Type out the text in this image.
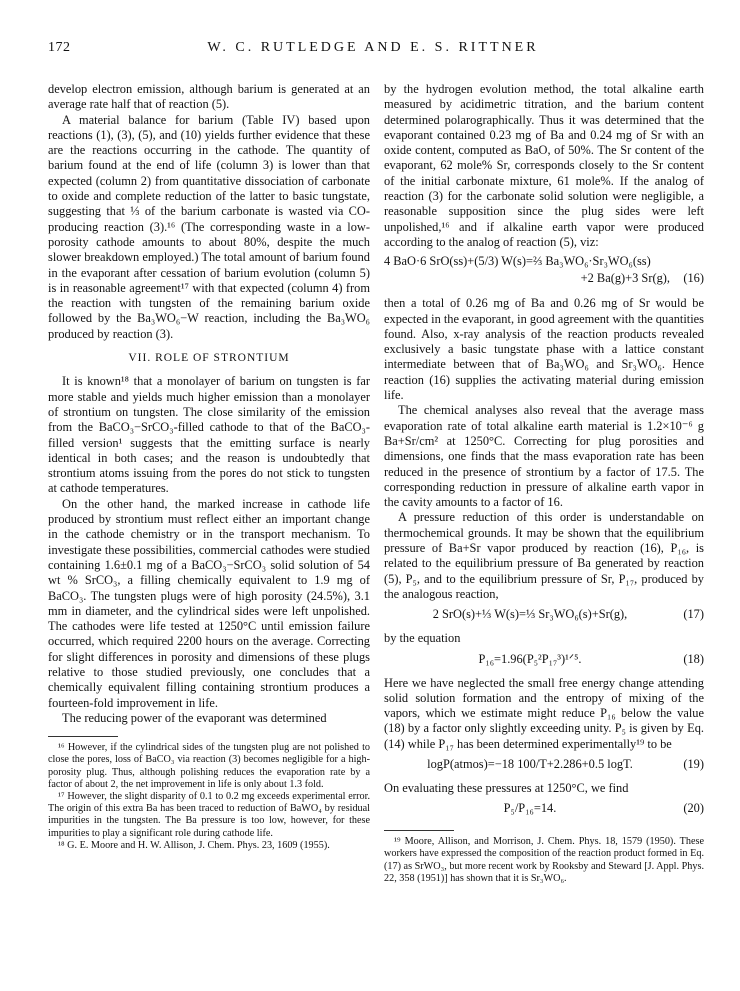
172	W. C. RUTLEDGE AND E. S. RITTNER

develop electron emission, although barium is generated at an average rate half that of reaction (5).

A material balance for barium (Table IV) based upon reactions (1), (3), (5), and (10) yields further evidence that these are the reactions occurring in the cathode. The quantity of barium found at the end of life (column 3) is lower than that expected (column 2) from quantitative dissociation of carbonate to oxide and complete reduction of the latter to basic tungstate, suggesting that ⅓ of the barium carbonate is wasted via CO-producing reaction (3).¹⁶ (The corresponding waste in a low-porosity cathode amounts to about 80%, despite the much slower breakdown employed.) The total amount of barium found in the evaporant after cessation of barium evolution (column 5) is in reasonable agreement¹⁷ with that expected (column 4) from the reaction with tungsten of the remaining barium oxide followed by the Ba₃WO₆−W reaction, including the Ba₃WO₆ produced by reaction (3).

VII. ROLE OF STRONTIUM

It is known¹⁸ that a monolayer of barium on tungsten is far more stable and yields much higher emission than a monolayer of strontium on tungsten. The close similarity of the emission from the BaCO₃−SrCO₃-filled cathode to that of the BaCO₃-filled version¹ suggests that the emitting surface is nearly identical in both cases; and the reason is undoubtedly that strontium atoms issuing from the pores do not stick to tungsten at cathode temperatures.

On the other hand, the marked increase in cathode life produced by strontium must reflect either an important change in the cathode chemistry or in the transport mechanism. To investigate these possibilities, commercial cathodes were studied containing 1.6±0.1 mg of a BaCO₃−SrCO₃ solid solution of 54 wt % SrCO₃, a filling chemically equivalent to 1.9 mg of BaCO₃. The tungsten plugs were of high porosity (24.5%), 3.1 mm in diameter, and the cylindrical sides were left unpolished. The cathodes were life tested at 1250°C until emission failure occurred, which required 2200 hours on the average. Correcting for slight differences in porosity and dimensions of these plugs relative to those studied previously, one concludes that a chemically equivalent filling containing strontium produces a fourteen-fold improvement in life.

The reducing power of the evaporant was determined

¹⁶ However, if the cylindrical sides of the tungsten plug are not polished to close the pores, loss of BaCO₃ via reaction (3) becomes negligible for a high-porosity plug. Thus, although polishing reduces the evaporation rate by a factor of about 2, the net improvement in life is only about 1.3 fold.

¹⁷ However, the slight disparity of 0.1 to 0.2 mg exceeds experimental error. The origin of this extra Ba has been traced to reduction of BaWO₄ by residual impurities in the tungsten. The Ba pressure is too low, however, for these impurities to play a significant role during cathode life.

¹⁸ G. E. Moore and H. W. Allison, J. Chem. Phys. 23, 1609 (1955).

by the hydrogen evolution method, the total alkaline earth measured by acidimetric titration, and the barium content determined polarographically. Thus it was determined that the evaporant contained 0.23 mg of Ba and 0.24 mg of Sr with an oxide content, computed as BaO, of 50%. The Sr content of the evaporant, 62 mole% Sr, corresponds closely to the Sr content of the initial carbonate mixture, 61 mole%. If the analog of reaction (3) for the carbonate solid solution were negligible, a reasonable supposition since the plug sides were left unpolished,¹⁶ and if alkaline earth vapor were produced according to the analog of reaction (5), viz:

4 BaO·6 SrO(ss)+(5/3) W(s)=⅔ Ba₃WO₆·Sr₃WO₆(ss)
+2 Ba(g)+3 Sr(g), (16)

then a total of 0.26 mg of Ba and 0.26 mg of Sr would be expected in the evaporant, in good agreement with the quantities found. Also, x-ray analysis of the reaction products revealed exclusively a basic tungstate phase with a lattice constant intermediate between that of Ba₃WO₆ and Sr₃WO₆. Hence reaction (16) supplies the activating material during emission life.

The chemical analyses also reveal that the average mass evaporation rate of total alkaline earth material is 1.2×10⁻⁶ g Ba+Sr/cm² at 1250°C. Correcting for plug porosities and dimensions, one finds that the mass evaporation rate has been reduced in the presence of strontium by a factor of 17.5. The corresponding reduction in pressure of alkaline earth vapor in the cavity amounts to a factor of 16.

A pressure reduction of this order is understandable on thermochemical grounds. It may be shown that the equilibrium pressure of Ba+Sr vapor produced by reaction (16), P₁₆, is related to the equilibrium pressure of Ba generated by reaction (5), P₅, and to the equilibrium pressure of Sr, P₁₇, produced by the analogous reaction,

2 SrO(s)+⅓ W(s)=⅓ Sr₃WO₆(s)+Sr(g),	(17)

by the equation

P₁₆=1.96(P₅²P₁₇³)¹ᐟ⁵.	(18)

Here we have neglected the small free energy change attending solid solution formation and the entropy of mixing of the vapors, which we estimate might reduce P₁₆ below the value (18) by a factor only slightly exceeding unity. P₅ is given by Eq. (14) while P₁₇ has been determined experimentally¹⁹ to be

logP(atmos)=−18 100/T+2.286+0.5 logT.	(19)

On evaluating these pressures at 1250°C, we find

P₅/P₁₆=14.	(20)

¹⁹ Moore, Allison, and Morrison, J. Chem. Phys. 18, 1579 (1950). These workers have expressed the composition of the reaction product formed in Eq. (17) as SrWO₃, but more recent work by Rooksby and Steward [J. Appl. Phys. 22, 358 (1951)] has shown that it is Sr₃WO₆.
